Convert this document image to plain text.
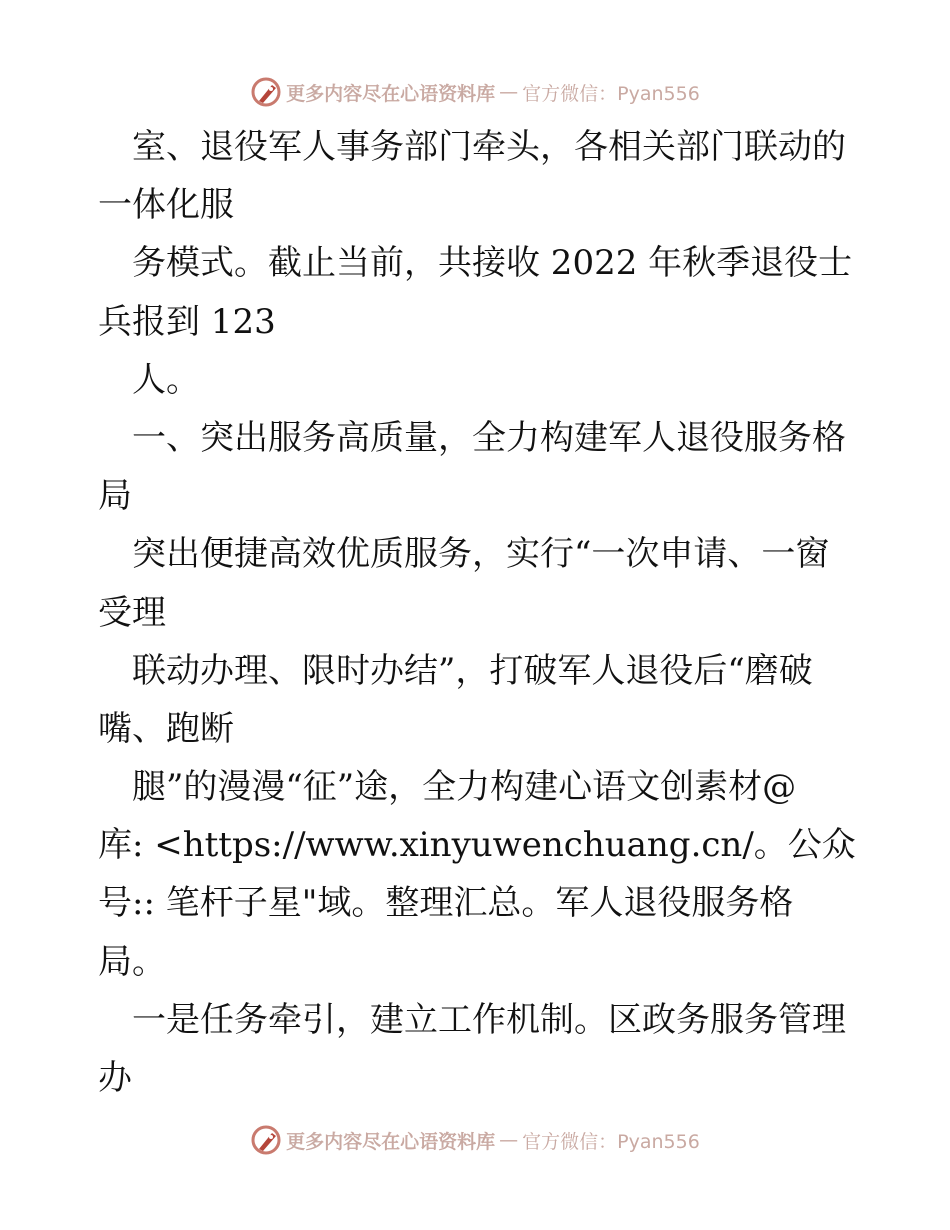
更多内容尽在心语资料库 — 官方微信：Pyan556
　室、退役军人事务部门牵头，各相关部门联动的
一体化服
　务模式。截止当前，共接收 2022 年秋季退役士
兵报到 123
　人。
　一、突出服务高质量，全力构建军人退役服务格
局
　突出便捷高效优质服务，实行“一次申请、一窗
受理
　联动办理、限时办结”，打破军人退役后“磨破
嘴、跑断
　腿”的漫漫“征”途，全力构建心语文创素材@
库: <https://www.xinyuwenchuang.cn/。公众
号:: 笔杆子星"域。整理汇总。军人退役服务格
局。
　一是任务牵引，建立工作机制。区政务服务管理
办
更多内容尽在心语资料库 — 官方微信：Pyan556
